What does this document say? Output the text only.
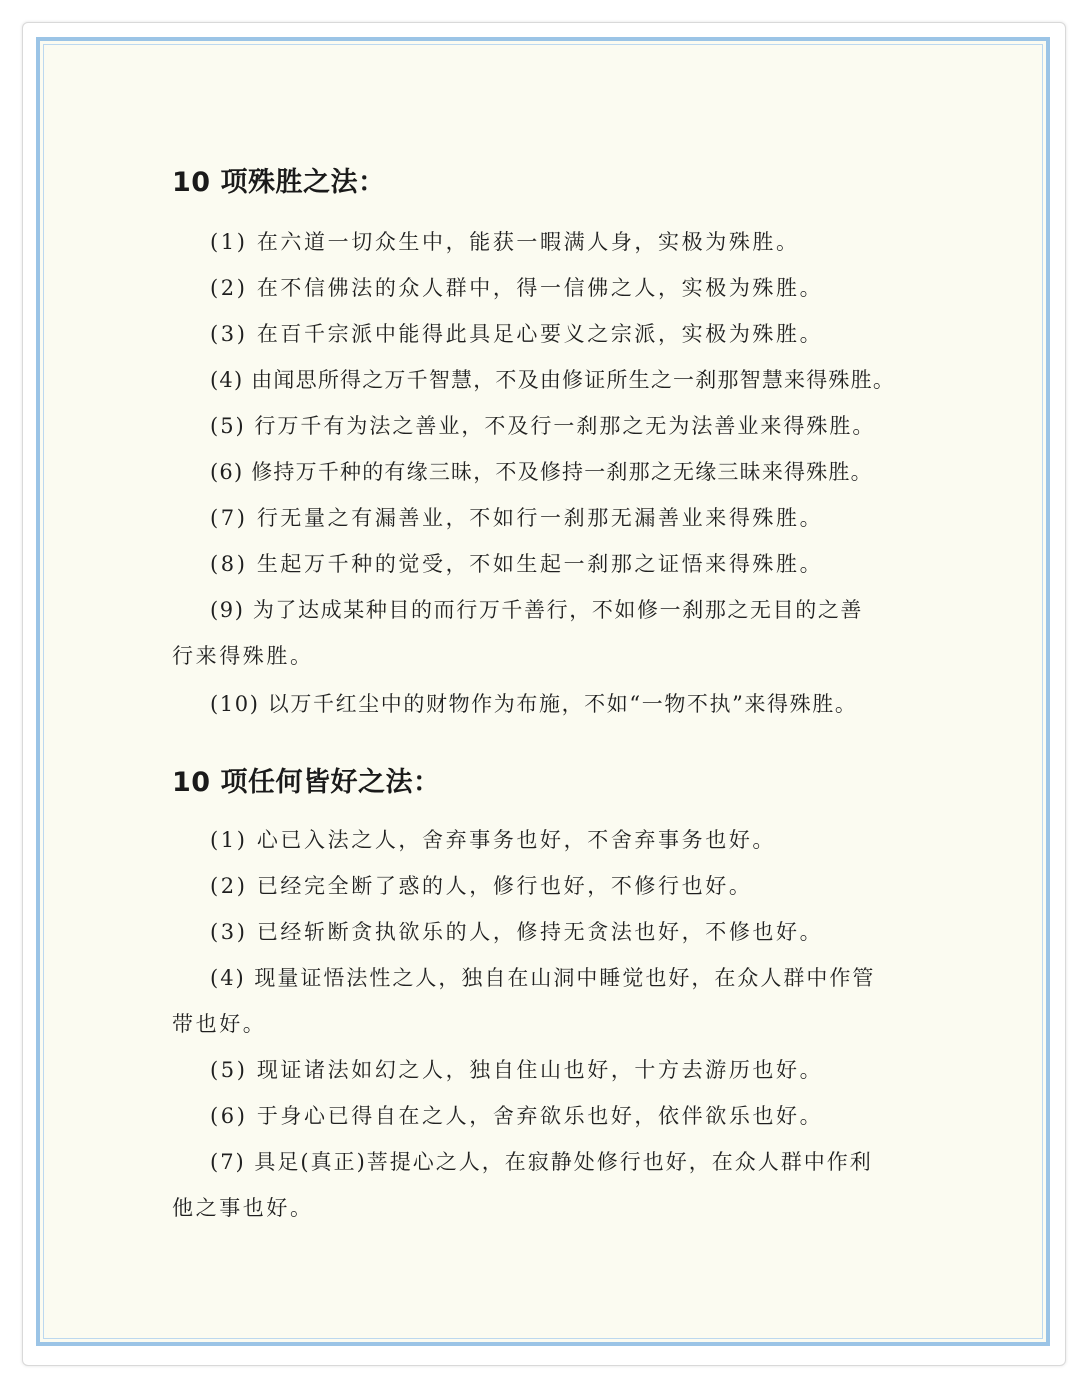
10 项殊胜之法：
(1) 在六道一切众生中，能获一暇满人身，实极为殊胜。
(2) 在不信佛法的众人群中，得一信佛之人，实极为殊胜。
(3) 在百千宗派中能得此具足心要义之宗派，实极为殊胜。
(4) 由闻思所得之万千智慧，不及由修证所生之一刹那智慧来得殊胜。
(5) 行万千有为法之善业，不及行一刹那之无为法善业来得殊胜。
(6) 修持万千种的有缘三昧，不及修持一刹那之无缘三昧来得殊胜。
(7) 行无量之有漏善业，不如行一刹那无漏善业来得殊胜。
(8) 生起万千种的觉受，不如生起一刹那之证悟来得殊胜。
(9) 为了达成某种目的而行万千善行，不如修一刹那之无目的之善
行来得殊胜。
(10) 以万千红尘中的财物作为布施，不如“一物不执”来得殊胜。
10 项任何皆好之法：
(1) 心已入法之人，舍弃事务也好，不舍弃事务也好。
(2) 已经完全断了惑的人，修行也好，不修行也好。
(3) 已经斩断贪执欲乐的人，修持无贪法也好，不修也好。
(4) 现量证悟法性之人，独自在山洞中睡觉也好，在众人群中作管
带也好。
(5) 现证诸法如幻之人，独自住山也好，十方去游历也好。
(6) 于身心已得自在之人，舍弃欲乐也好，依伴欲乐也好。
(7) 具足(真正)菩提心之人，在寂静处修行也好，在众人群中作利
他之事也好。
